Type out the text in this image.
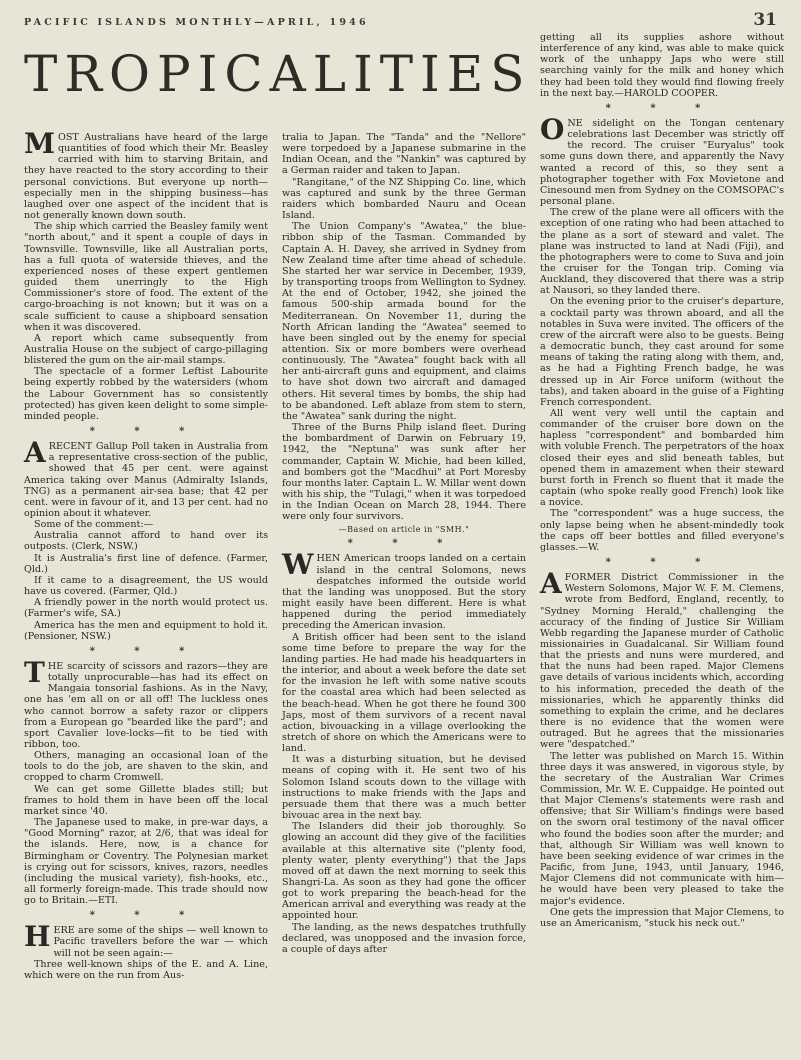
PACIFIC ISLANDS MONTHLY—APRIL, 1946	31
TROPICALITIES

MOST Australians have heard of the large quantities of food which their Mr. Beasley carried with him to starving Britain, and they have reacted to the story according to their personal convictions. But everyone up north—especially men in the shipping business—has laughed over one aspect of the incident that is not generally known down south.

The ship which carried the Beasley family went "north about," and it spent a couple of days in Townsville. Townsville, like all Australian ports, has a full quota of waterside thieves, and the experienced noses of these expert gentlemen guided them unerringly to the High Commissioner's store of food. The extent of the cargo-broaching is not known; but it was on a scale sufficient to cause a shipboard sensation when it was discovered.

A report which came subsequently from Australia House on the subject of cargo-pillaging blistered the gum on the air-mail stamps.

The spectacle of a former Leftist Labourite being expertly robbed by the watersiders (whom the Labour Government has so consistently protected) has given keen delight to some simple-minded people.

* * *

ARECENT Gallup Poll taken in Australia from a representative cross-section of the public, showed that 45 per cent. were against America taking over Manus (Admiralty Islands, TNG) as a permanent air-sea base; that 42 per cent. were in favour of it, and 13 per cent. had no opinion about it whatever.

Some of the comment:—

Australia cannot afford to hand over its outposts. (Clerk, NSW.)

It is Australia's first line of defence. (Farmer, Qld.)

If it came to a disagreement, the US would have us covered. (Farmer, Qld.)

A friendly power in the north would protect us. (Farmer's wife, SA.)

America has the men and equipment to hold it. (Pensioner, NSW.)

* * *

THE scarcity of scissors and razors—they are totally unprocurable—has had its effect on Mangaia tonsorial fashions. As in the Navy, one has 'em all on or all off! The luckless ones who cannot borrow a safety razor or clippers from a European go "bearded like the pard"; and sport Cavalier love-locks—fit to be tied with ribbon, too.

Others, managing an occasional loan of the tools to do the job, are shaven to the skin, and cropped to charm Cromwell.

We can get some Gillette blades still; but frames to hold them in have been off the local market since '40.

The Japanese used to make, in pre-war days, a "Good Morning" razor, at 2/6, that was ideal for the islands. Here, now, is a chance for Birmingham or Coventry. The Polynesian market is crying out for scissors, knives, razors, needles (including the musical variety), fish-hooks, etc., all formerly foreign-made. This trade should now go to Britain.—ETI.

* * *

HERE are some of the ships — well known to Pacific travellers before the war — which will not be seen again:—

Three well-known ships of the E. and A. Line, which were on the run from Aus-

tralia to Japan. The "Tanda" and the "Nellore" were torpedoed by a Japanese submarine in the Indian Ocean, and the "Nankin" was captured by a German raider and taken to Japan.

"Rangitane," of the NZ Shipping Co. line, which was captured and sunk by the three German raiders which bombarded Nauru and Ocean Island.

The Union Company's "Awatea," the blue-ribbon ship of the Tasman. Commanded by Captain A. H. Davey, she arrived in Sydney from New Zealand time after time ahead of schedule. She started her war service in December, 1939, by transporting troops from Wellington to Sydney. At the end of October, 1942, she joined the famous 500-ship armada bound for the Mediterranean. On November 11, during the North African landing the "Awatea" seemed to have been singled out by the enemy for special attention. Six or more bombers were overhead continuously. The "Awatea" fought back with all her anti-aircraft guns and equipment, and claims to have shot down two aircraft and damaged others. Hit several times by bombs, the ship had to be abandoned. Left ablaze from stem to stern, the "Awatea" sank during the night.

Three of the Burns Philp island fleet. During the bombardment of Darwin on February 19, 1942, the "Neptuna" was sunk after her commander, Captain W. Michie, had been killed, and bombers got the "Macdhui" at Port Moresby four months later. Captain L. W. Millar went down with his ship, the "Tulagi," when it was torpedoed in the Indian Ocean on March 28, 1944. There were only four survivors.

—Based on article in "SMH."
* * *

WHEN American troops landed on a certain island in the central Solomons, news despatches informed the outside world that the landing was unopposed. But the story might easily have been different. Here is what happened during the period immediately preceding the American invasion.

A British officer had been sent to the island some time before to prepare the way for the landing parties. He had made his headquarters in the interior, and about a week before the date set for the invasion he left with some native scouts for the coastal area which had been selected as the beach-head. When he got there he found 300 Japs, most of them survivors of a recent naval action, bivouacking in a village overlooking the stretch of shore on which the Americans were to land.

It was a disturbing situation, but he devised means of coping with it. He sent two of his Solomon Island scouts down to the village with instructions to make friends with the Japs and persuade them that there was a much better bivouac area in the next bay.

The Islanders did their job thoroughly. So glowing an account did they give of the facilities available at this alternative site ("plenty food, plenty water, plenty everything") that the Japs moved off at dawn the next morning to seek this Shangri-La. As soon as they had gone the officer got to work preparing the beach-head for the American arrival and everything was ready at the appointed hour.

The landing, as the news despatches truthfully declared, was unopposed and the invasion force, a couple of days after

getting all its supplies ashore without interference of any kind, was able to make quick work of the unhappy Japs who were still searching vainly for the milk and honey which they had been told they would find flowing freely in the next bay.—HAROLD COOPER.

* * *

ONE sidelight on the Tongan centenary celebrations last December was strictly off the record. The cruiser "Euryalus" took some guns down there, and apparently the Navy wanted a record of this, so they sent a photographer together with Fox Movietone and Cinesound men from Sydney on the COMSOPAC's personal plane.

The crew of the plane were all officers with the exception of one rating who had been attached to the plane as a sort of steward and valet. The plane was instructed to land at Nadi (Fiji), and the photographers were to come to Suva and join the cruiser for the Tongan trip. Coming via Auckland, they discovered that there was a strip at Nausori, so they landed there.

On the evening prior to the cruiser's departure, a cocktail party was thrown aboard, and all the notables in Suva were invited. The officers of the crew of the aircraft were also to be guests. Being a democratic bunch, they cast around for some means of taking the rating along with them, and, as he had a Fighting French badge, he was dressed up in Air Force uniform (without the tabs), and taken aboard in the guise of a Fighting French correspondent.

All went very well until the captain and commander of the cruiser bore down on the hapless "correspondent" and bombarded him with voluble French. The perpetrators of the hoax closed their eyes and slid beneath tables, but opened them in amazement when their steward burst forth in French so fluent that it made the captain (who spoke really good French) look like a novice.

The "correspondent" was a huge success, the only lapse being when he absent-mindedly took the caps off beer bottles and filled everyone's glasses.—W.

* * *

AFORMER District Commissioner in the Western Solomons, Major W. F. M. Clemens, wrote from Bedford, England, recently, to "Sydney Morning Herald," challenging the accuracy of the finding of Justice Sir William Webb regarding the Japanese murder of Catholic missionairies in Guadalcanal. Sir William found that the priests and nuns were murdered, and that the nuns had been raped. Major Clemens gave details of various incidents which, according to his information, preceded the death of the missionaries, which he apparently thinks did something to explain the crime, and he declares there is no evidence that the women were outraged. But he agrees that the missionaries were "despatched."

The letter was published on March 15. Within three days it was answered, in vigorous style, by the secretary of the Australian War Crimes Commission, Mr. W. E. Cuppaidge. He pointed out that Major Clemens's statements were rash and offensive; that Sir William's findings were based on the sworn oral testimony of the naval officer who found the bodies soon after the murder; and that, although Sir William was well known to have been seeking evidence of war crimes in the Pacific, from June, 1943, until January, 1946, Major Clemens did not communicate with him—he would have been very pleased to take the major's evidence.

One gets the impression that Major Clemens, to use an Americanism, "stuck his neck out."
